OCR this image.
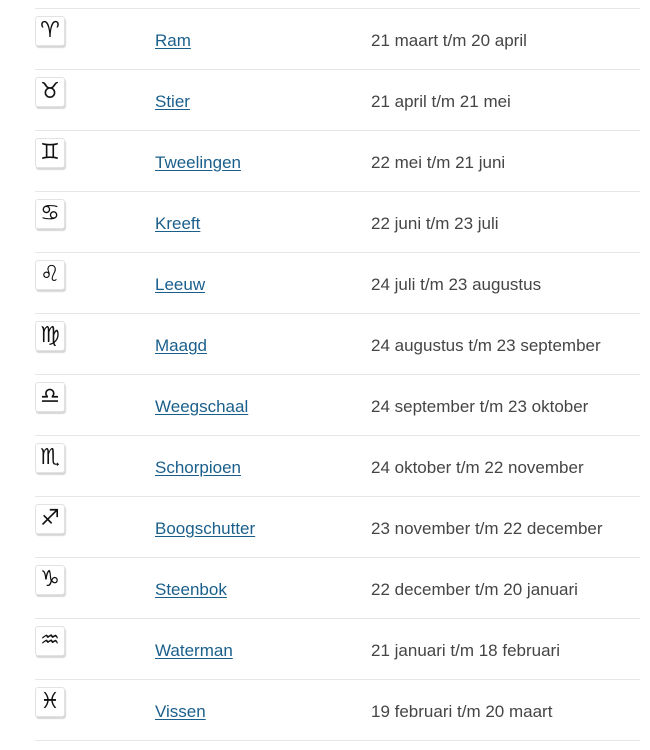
♈︎	Ram	21 maart t/m 20 april
♉︎	Stier	21 april t/m 21 mei
♊︎	Tweelingen	22 mei t/m 21 juni
♋︎	Kreeft	22 juni t/m 23 juli
♌︎	Leeuw	24 juli t/m 23 augustus
♍︎	Maagd	24 augustus t/m 23 september
♎︎	Weegschaal	24 september t/m 23 oktober
♏︎	Schorpioen	24 oktober t/m 22 november
♐︎	Boogschutter	23 november t/m 22 december
♑︎	Steenbok	22 december t/m 20 januari
♒︎	Waterman	21 januari t/m 18 februari
♓︎	Vissen	19 februari t/m 20 maart
